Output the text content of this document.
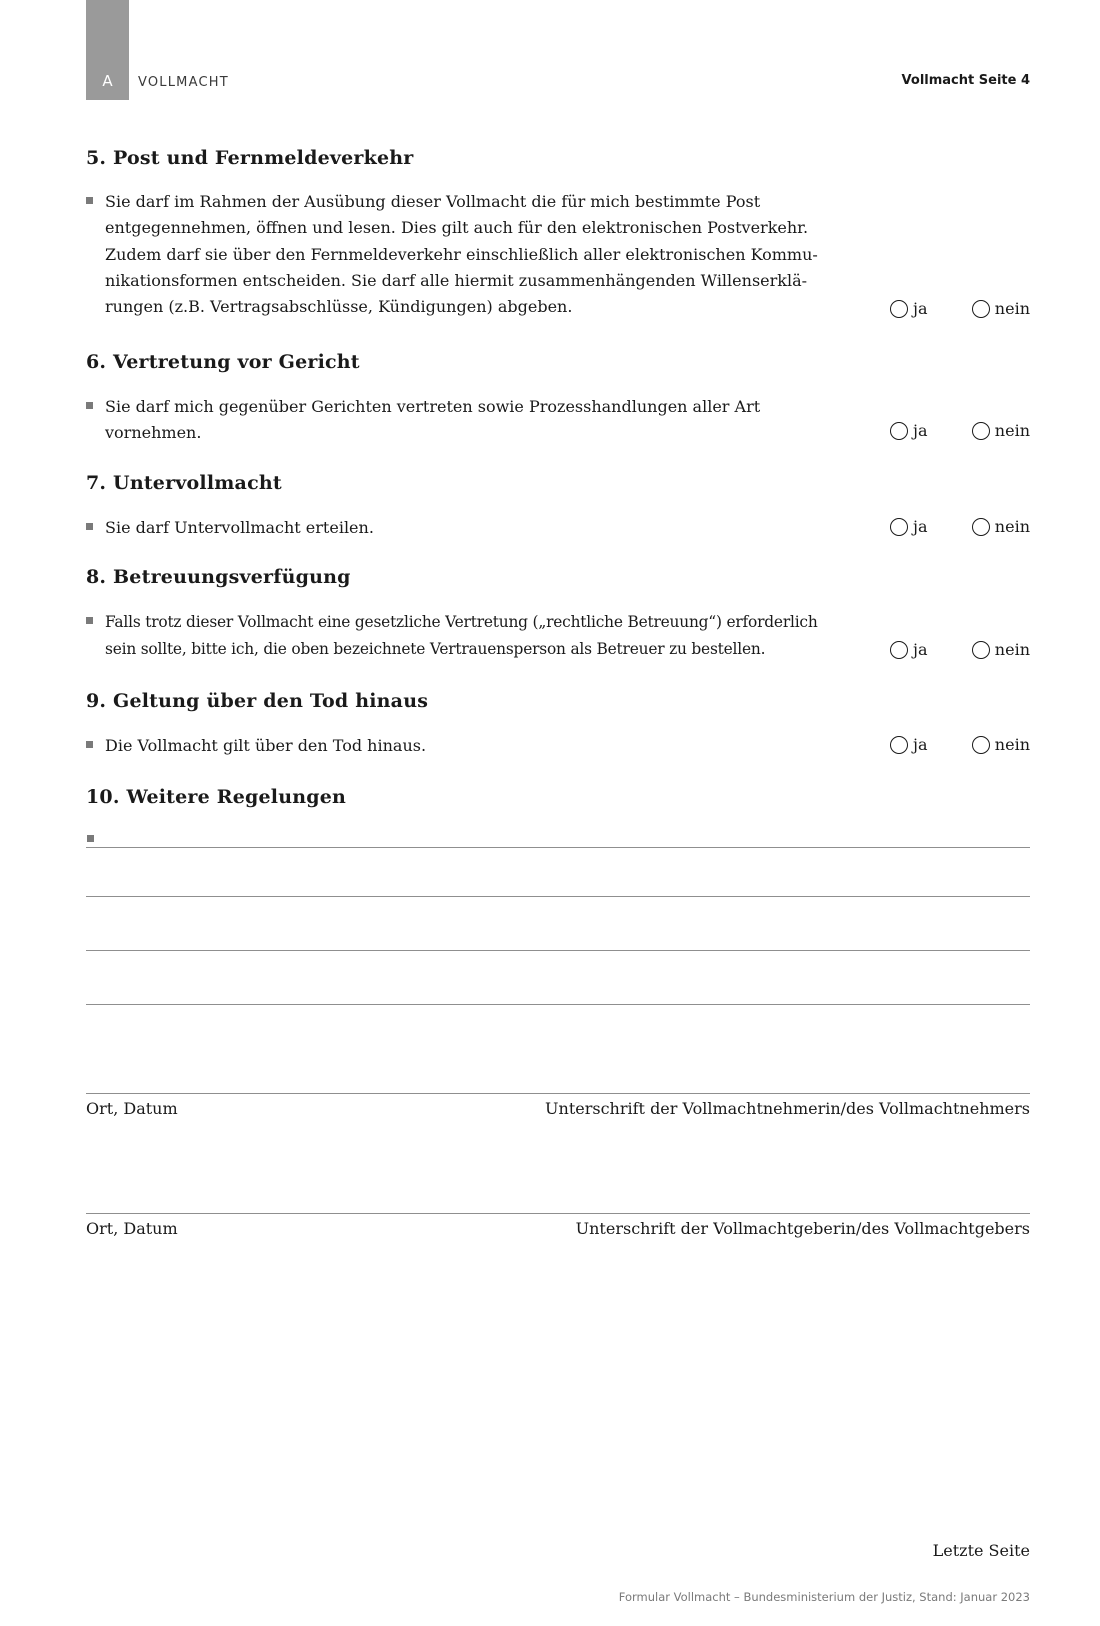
A	VOLLMACHT	Vollmacht Seite 4
5. Post und Fernmeldeverkehr
Sie darf im Rahmen der Ausübung dieser Vollmacht die für mich bestimmte Post
entgegennehmen, öffnen und lesen. Dies gilt auch für den elektronischen Postverkehr.
Zudem darf sie über den Fernmeldeverkehr einschließlich aller elektronischen Kommu-
nikationsformen entscheiden. Sie darf alle hiermit zusammenhängenden Willenserklä-
rungen (z.B. Vertragsabschlüsse, Kündigungen) abgeben.	ja	nein
6. Vertretung vor Gericht
Sie darf mich gegenüber Gerichten vertreten sowie Prozesshandlungen aller Art
vornehmen.	ja	nein
7. Untervollmacht
Sie darf Untervollmacht erteilen.	ja	nein
8. Betreuungsverfügung
Falls trotz dieser Vollmacht eine gesetzliche Vertretung („rechtliche Betreuung“) erforderlich
sein sollte, bitte ich, die oben bezeichnete Vertrauensperson als Betreuer zu bestellen.	ja	nein
9. Geltung über den Tod hinaus
Die Vollmacht gilt über den Tod hinaus.	ja	nein
10. Weitere Regelungen
Ort, Datum	Unterschrift der Vollmachtnehmerin/des Vollmachtnehmers
Ort, Datum	Unterschrift der Vollmachtgeberin/des Vollmachtgebers
Letzte Seite
Formular Vollmacht – Bundesministerium der Justiz, Stand: Januar 2023
